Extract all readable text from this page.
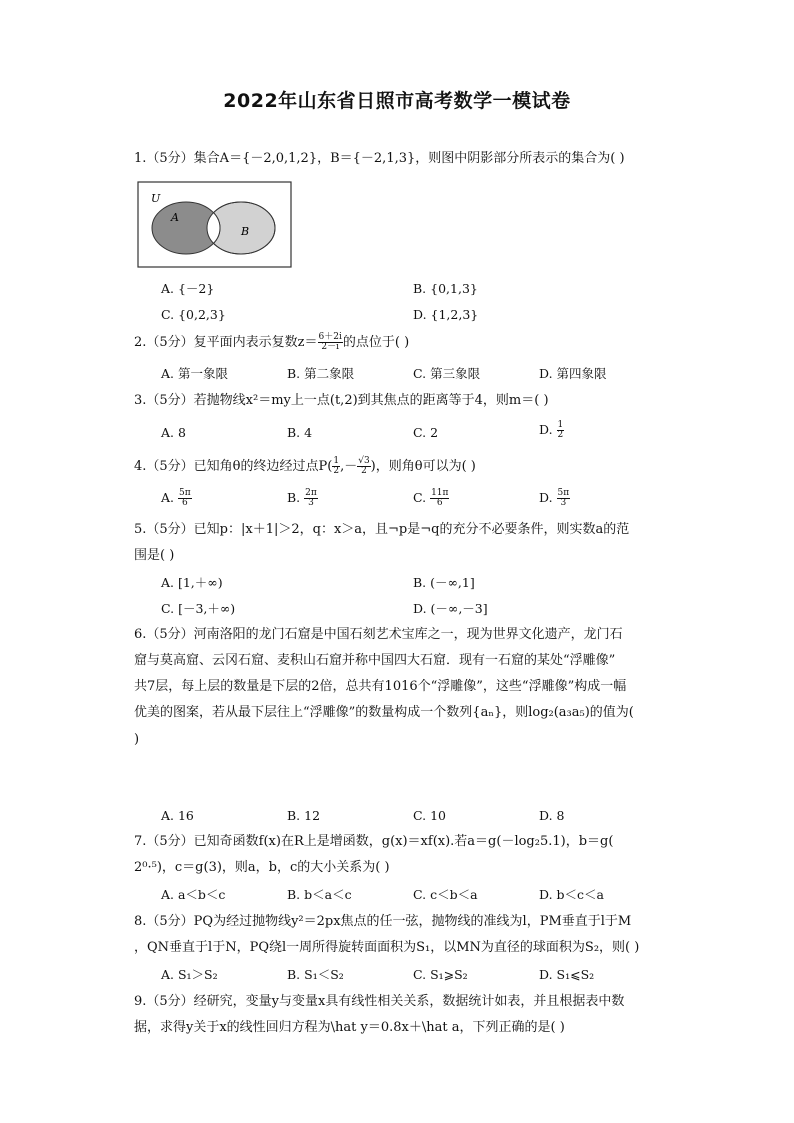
2022年山东省日照市高考数学一模试卷
1.（5分）集合A＝{－2,0,1,2}，B＝{－2,1,3}，则图中阴影部分所表示的集合为( )
U
A
B
A. {－2}	B. {0,1,3}
C. {0,2,3}	D. {1,2,3}
2.（5分）复平面内表示复数$z= \frac{6+2i}{2-i}$ 的点位于( )
A. 第一象限	B. 第二象限	C. 第三象限	D. 第四象限
3.（5分）若抛物线x²＝my上一点(t,2)到其焦点的距离等于4，则m＝( )
A. 8	B. 4	C. 2	D. $\frac{1}{2}$
4.（5分）已知角θ的终边经过点$P( \frac{1}{2}$ ,－ $\frac{√3}{2}$ )，则角θ可以为( )
A. $\frac{5\pi}{6}$	B. $\frac{2\pi}{3}$	C. $\frac{11\pi}{6}$	D. $\frac{5\pi}{3}$
5.（5分）已知p：|x＋1|＞2，q：x＞a，且¬p是¬q的充分不必要条件，则实数a的范
围是( )
A. [1,＋∞)	B. (－∞,1]
C. [－3,＋∞)	D. (－∞,－3]
6.（5分）河南洛阳的龙门石窟是中国石刻艺术宝库之一，现为世界文化遗产，龙门石
窟与莫高窟、云冈石窟、麦积山石窟并称中国四大石窟．现有一石窟的某处“浮雕像”
共7层，每上层的数量是下层的2倍，总共有1016个“浮雕像”，这些“浮雕像”构成一幅
优美的图案，若从最下层往上“浮雕像”的数量构成一个数列{aₙ}，则log₂(a₃a₅)的值为(
)
A. 16	B. 12	C. 10	D. 8
7.（5分）已知奇函数f(x)在R上是增函数，g(x)＝xf(x).若a＝g(－log₂5.1)，b＝g(
2⁰·⁵)，c＝g(3)，则a，b，c的大小关系为( )
A. a＜b＜c	B. b＜a＜c	C. c＜b＜a	D. b＜c＜a
8.（5分）PQ为经过抛物线y²＝2px焦点的任一弦，抛物线的准线为l，PM垂直于l于M
，QN垂直于l于N，PQ绕l一周所得旋转面面积为S₁，以MN为直径的球面积为S₂，则( )
A. S₁＞S₂	B. S₁＜S₂	C. S₁⩾S₂	D. S₁⩽S₂
9.（5分）经研究，变量y与变量x具有线性相关关系，数据统计如表，并且根据表中数
据，求得y关于x的线性回归方程为\hat y＝0.8x＋\hat a，下列正确的是( )
